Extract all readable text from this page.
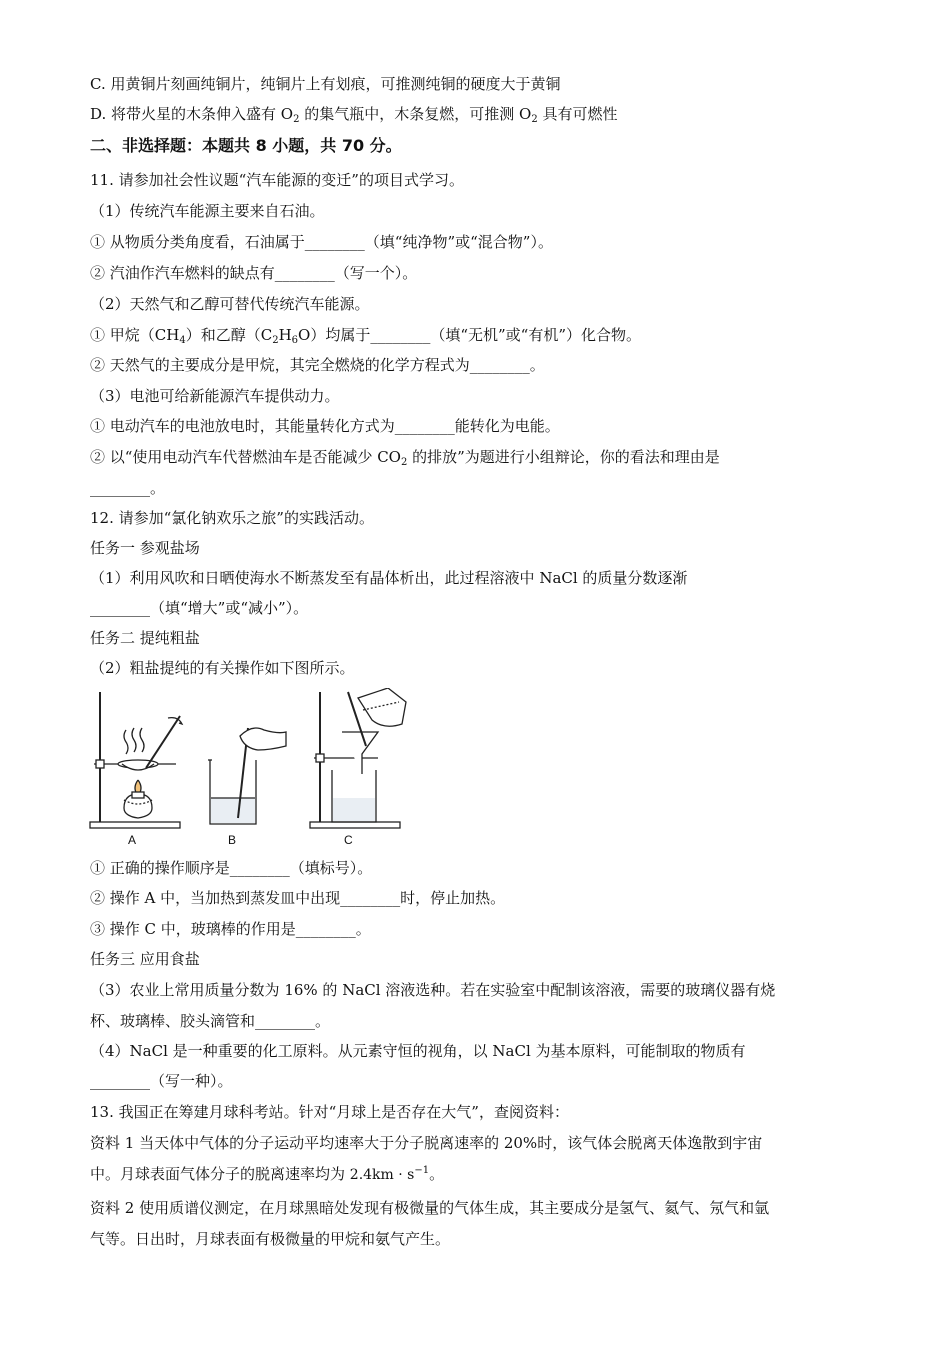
C. 用黄铜片刻画纯铜片，纯铜片上有划痕，可推测纯铜的硬度大于黄铜
D. 将带火星的木条伸入盛有 $O_2$ 的集气瓶中，木条复燃，可推测 $O_2$ 具有可燃性
二、非选择题：本题共 8 小题，共 70 分。
11. 请参加社会性议题“汽车能源的变迁”的项目式学习。
（1）传统汽车能源主要来自石油。
① 从物质分类角度看，石油属于________（填“纯净物”或“混合物”）。
② 汽油作汽车燃料的缺点有________（写一个）。
（2）天然气和乙醇可替代传统汽车能源。
① 甲烷$(CH_4)$和乙醇$(C_2H_6O)$均属于________（填“无机”或“有机”）化合物。
② 天然气的主要成分是甲烷，其完全燃烧的化学方程式为________。
（3）电池可给新能源汽车提供动力。
① 电动汽车的电池放电时，其能量转化方式为________能转化为电能。
② 以“使用电动汽车代替燃油车是否能减少 $CO_2$ 的排放”为题进行小组辩论，你的看法和理由是
________。
12. 请参加“氯化钠欢乐之旅”的实践活动。
任务一 参观盐场
（1）利用风吹和日晒使海水不断蒸发至有晶体析出，此过程溶液中 NaCl 的质量分数逐渐
________（填“增大”或“减小”）。
任务二 提纯粗盐
（2）粗盐提纯的有关操作如下图所示。
A	B	C
① 正确的操作顺序是________（填标号）。
② 操作 A 中，当加热到蒸发皿中出现________时，停止加热。
③ 操作 C 中，玻璃棒的作用是________。
任务三 应用食盐
（3）农业上常用质量分数为 16% 的 NaCl 溶液选种。若在实验室中配制该溶液，需要的玻璃仪器有烧
杯、玻璃棒、胶头滴管和________。
（4）NaCl 是一种重要的化工原料。从元素守恒的视角，以 NaCl 为基本原料，可能制取的物质有
________（写一种）。
13. 我国正在筹建月球科考站。针对“月球上是否存在大气”，查阅资料：
资料 1 当天体中气体的分子运动平均速率大于分子脱离速率的 20%时，该气体会脱离天体逸散到宇宙
中。月球表面气体分子的脱离速率均为 $2.4km \cdot s^{-1}$。
资料 2 使用质谱仪测定，在月球黑暗处发现有极微量的气体生成，其主要成分是氢气、氦气、氖气和氩
气等。日出时，月球表面有极微量的甲烷和氨气产生。
